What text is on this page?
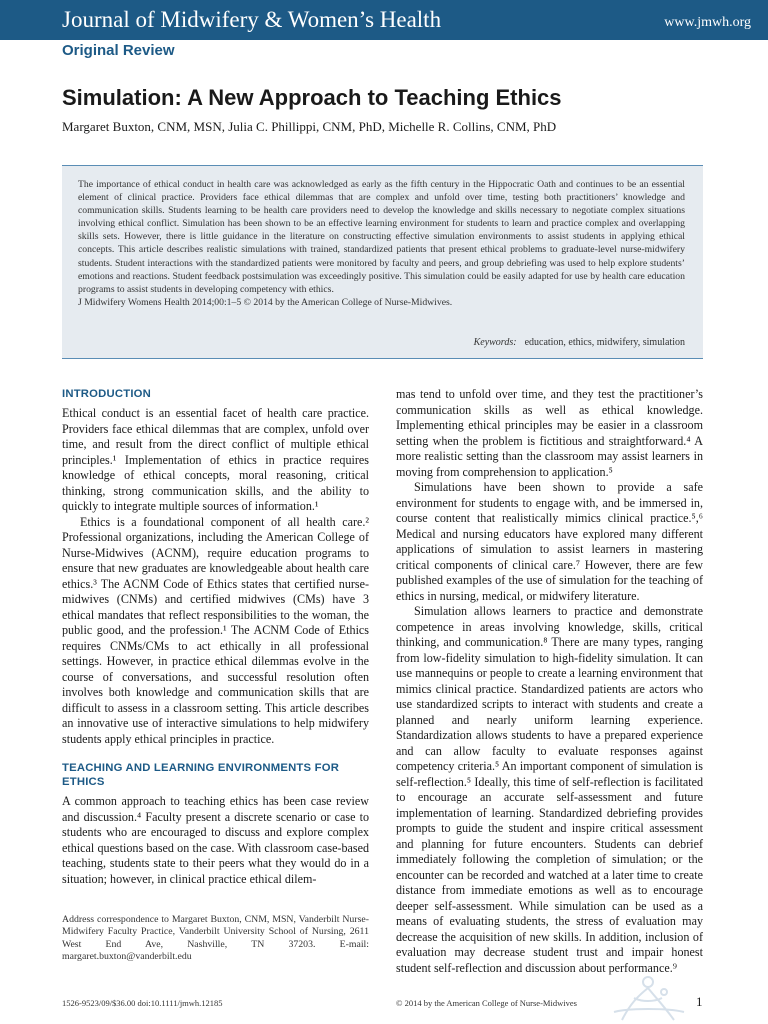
Journal of Midwifery & Women’s Health	www.jmwh.org
Original Review
Simulation: A New Approach to Teaching Ethics
Margaret Buxton, CNM, MSN, Julia C. Phillippi, CNM, PhD, Michelle R. Collins, CNM, PhD

The importance of ethical conduct in health care was acknowledged as early as the fifth century in the Hippocratic Oath and continues to be an essential element of clinical practice. Providers face ethical dilemmas that are complex and unfold over time, testing both practitioners’ knowledge and communication skills. Students learning to be health care providers need to develop the knowledge and skills necessary to negotiate complex situations involving ethical conflict. Simulation has been shown to be an effective learning environment for students to learn and practice complex and overlapping skills sets. However, there is little guidance in the literature on constructing effective simulation environments to assist students in applying ethical concepts. This article describes realistic simulations with trained, standardized patients that present ethical problems to graduate-level nurse-midwifery students. Student interactions with the standardized patients were monitored by faculty and peers, and group debriefing was used to help explore students’ emotions and reactions. Student feedback postsimulation was exceedingly positive. This simulation could be easily adapted for use by health care education programs to assist students in developing competency with ethics.

J Midwifery Womens Health 2014;00:1–5 © 2014 by the American College of Nurse-Midwives.

Keywords: education, ethics, midwifery, simulation
INTRODUCTION

Ethical conduct is an essential facet of health care practice. Providers face ethical dilemmas that are complex, unfold over time, and result from the direct conflict of multiple ethical principles.¹ Implementation of ethics in practice requires knowledge of ethical concepts, moral reasoning, critical thinking, strong communication skills, and the ability to quickly to integrate multiple sources of information.¹

Ethics is a foundational component of all health care.² Professional organizations, including the American College of Nurse-Midwives (ACNM), require education programs to ensure that new graduates are knowledgeable about health care ethics.³ The ACNM Code of Ethics states that certified nurse-midwives (CNMs) and certified midwives (CMs) have 3 ethical mandates that reflect responsibilities to the woman, the public good, and the profession.¹ The ACNM Code of Ethics requires CNMs/CMs to act ethically in all professional settings. However, in practice ethical dilemmas evolve in the course of conversations, and successful resolution often involves both knowledge and communication skills that are difficult to assess in a classroom setting. This article describes an innovative use of interactive simulations to help midwifery students apply ethical principles in practice.

TEACHING AND LEARNING ENVIRONMENTS FOR ETHICS

A common approach to teaching ethics has been case review and discussion.⁴ Faculty present a discrete scenario or case to students who are encouraged to discuss and explore complex ethical questions based on the case. With classroom case-based teaching, students state to their peers what they would do in a situation; however, in clinical practice ethical dilem-

mas tend to unfold over time, and they test the practitioner’s communication skills as well as ethical knowledge. Implementing ethical principles may be easier in a classroom setting when the problem is fictitious and straightforward.⁴ A more realistic setting than the classroom may assist learners in moving from comprehension to application.⁵

Simulations have been shown to provide a safe environment for students to engage with, and be immersed in, course content that realistically mimics clinical practice.⁵,⁶ Medical and nursing educators have explored many different applications of simulation to assist learners in mastering critical components of clinical care.⁷ However, there are few published examples of the use of simulation for the teaching of ethics in nursing, medical, or midwifery literature.

Simulation allows learners to practice and demonstrate competence in areas involving knowledge, skills, critical thinking, and communication.⁸ There are many types, ranging from low-fidelity simulation to high-fidelity simulation. It can use mannequins or people to create a learning environment that mimics clinical practice. Standardized patients are actors who use standardized scripts to interact with students and create a planned and nearly uniform learning experience. Standardization allows students to have a prepared experience and can allow faculty to evaluate responses against competency criteria.⁵ An important component of simulation is self-reflection.⁵ Ideally, this time of self-reflection is facilitated to encourage an accurate self-assessment and future implementation of learning. Standardized debriefing provides prompts to guide the student and inspire critical assessment and planning for future encounters. Students can debrief immediately following the completion of simulation; or the encounter can be recorded and watched at a later time to create distance from immediate emotions as well as to encourage deeper self-assessment. While simulation can be used as a means of evaluating students, the stress of evaluation may decrease the acquisition of new skills. In addition, inclusion of evaluation may decrease student trust and impair honest student self-reflection and discussion about performance.⁹

Address correspondence to Margaret Buxton, CNM, MSN, Vanderbilt Nurse-Midwifery Faculty Practice, Vanderbilt University School of Nursing, 2611 West End Ave, Nashville, TN 37203. E-mail: margaret.buxton@vanderbilt.edu
1526-9523/09/$36.00 doi:10.1111/jmwh.12185	© 2014 by the American College of Nurse-Midwives	1
